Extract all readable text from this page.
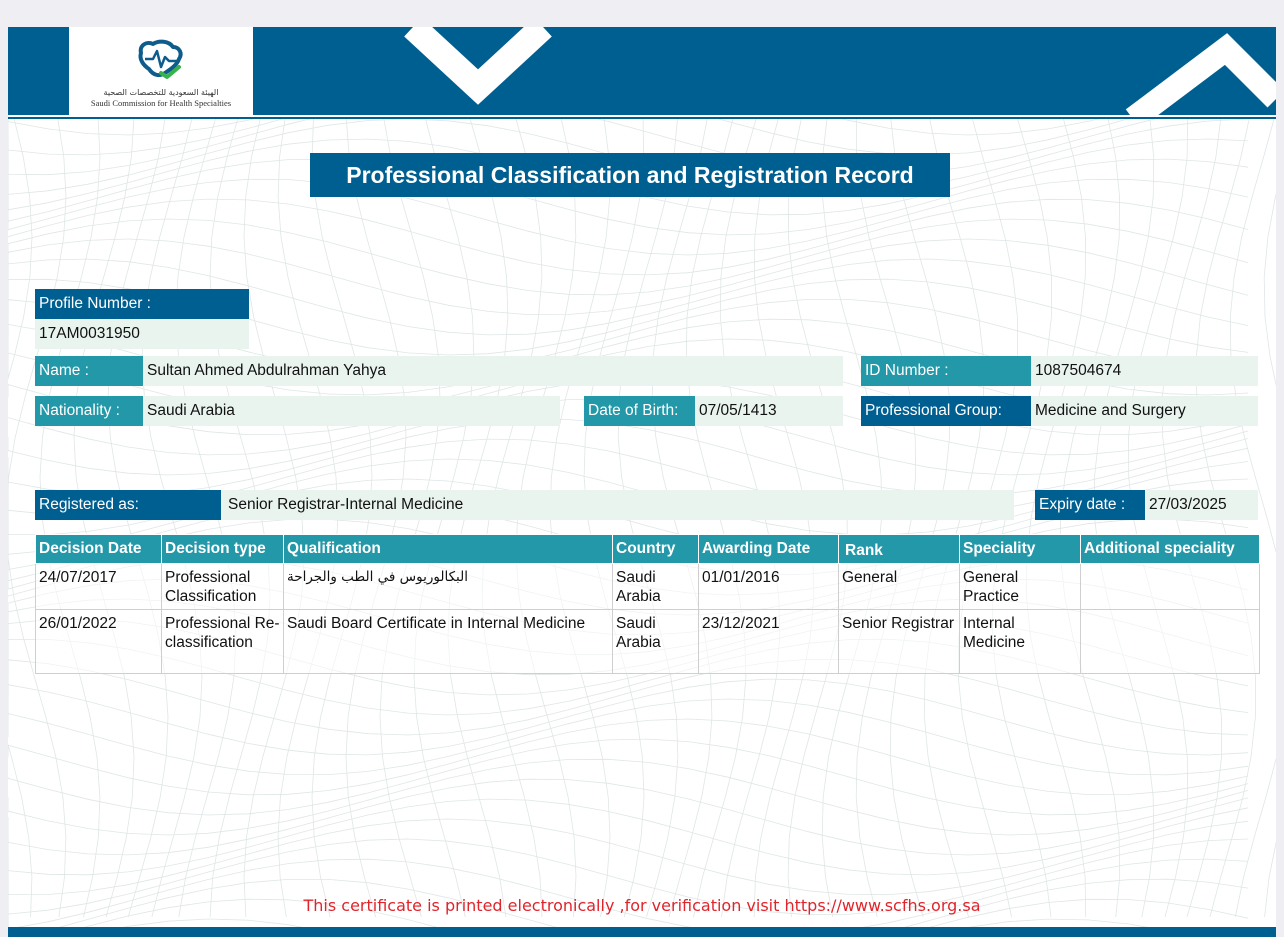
الهيئة السعودية للتخصصات الصحية
Saudi Commission for Health Specialties
Professional Classification and Registration Record
Profile Number :
17AM0031950
Name :	Sultan Ahmed Abdulrahman Yahya	ID Number :	1087504674
Nationality :	Saudi Arabia	Date of Birth:	07/05/1413	Professional Group:	Medicine and Surgery
Registered as:	Senior Registrar-Internal Medicine	Expiry date :	27/03/2025
Decision Date	Decision type	Qualification	Country	Awarding Date	Rank	Speciality	Additional speciality
24/07/2017	Professional Classification	البكالوريوس في الطب والجراحة	Saudi Arabia	01/01/2016	General	General Practice	
26/01/2022	Professional Re-classification	Saudi Board Certificate in Internal Medicine	Saudi Arabia	23/12/2021	Senior Registrar	Internal Medicine	
This certificate is printed electronically ,for verification visit https://www.scfhs.org.sa
